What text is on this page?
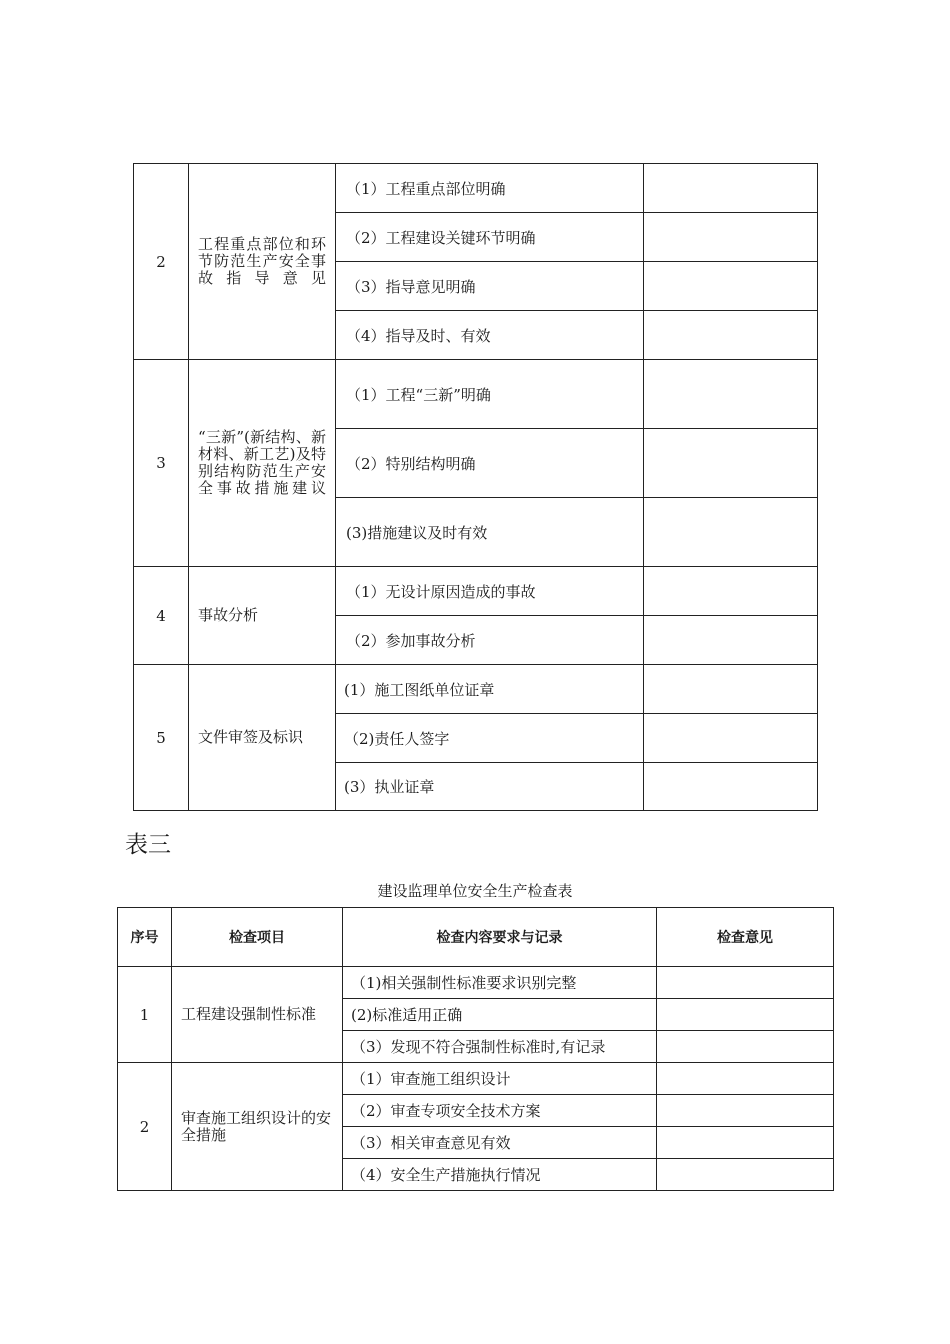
2	工程重点部位和环节防范生产安全事故指导意见	（1）工程重点部位明确	
		（2）工程建设关键环节明确	
		（3）指导意见明确	
		（4）指导及时、有效	
3	“三新”(新结构、新材料、新工艺)及特别结构防范生产安全事故措施建议	（1）工程“三新”明确	
		（2）特别结构明确	
		(3)措施建议及时有效	
4	事故分析	（1）无设计原因造成的事故	
		（2）参加事故分析	
5	文件审签及标识	(1）施工图纸单位证章	
		（2)责任人签字	
		(3）执业证章	
表三

建设监理单位安全生产检查表

序号	检查项目	检查内容要求与记录	检查意见
1	工程建设强制性标准	（1)相关强制性标准要求识别完整	
		(2)标准适用正确	
		（3）发现不符合强制性标准时,有记录	
2	审查施工组织设计的安全措施	（1）审查施工组织设计	
		（2）审查专项安全技术方案	
		（3）相关审查意见有效	
		（4）安全生产措施执行情况	
